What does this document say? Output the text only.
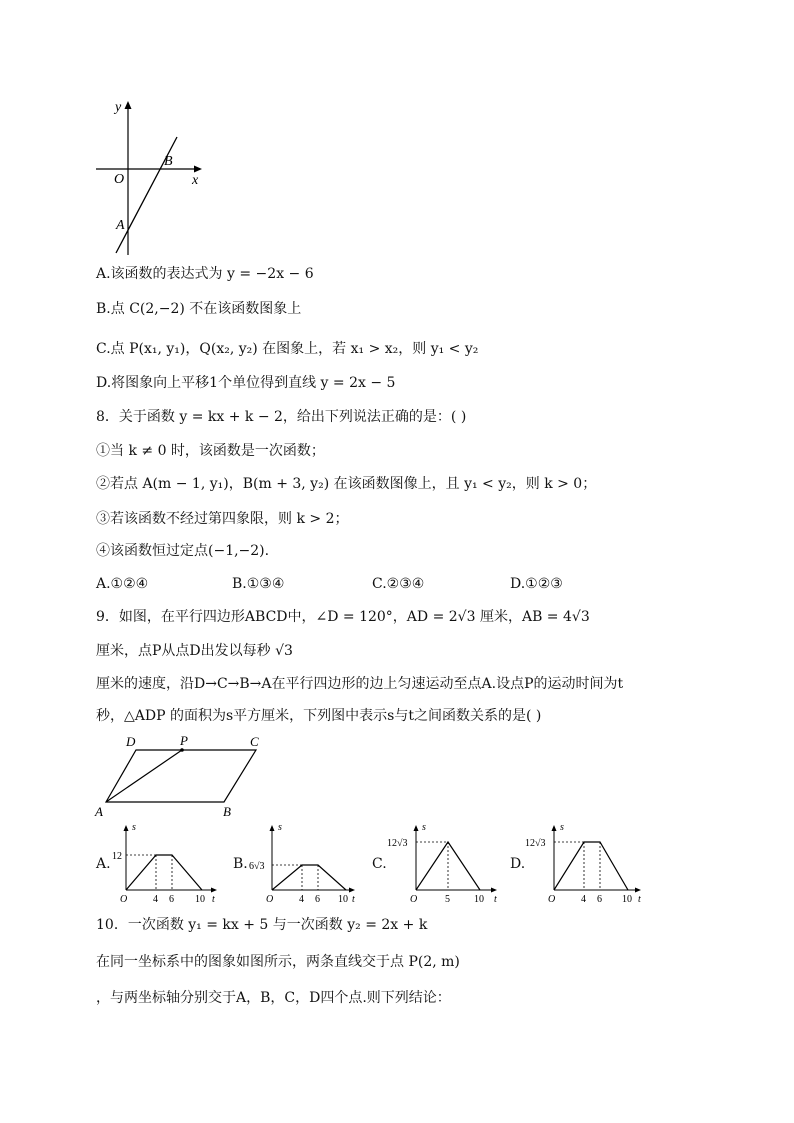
y
x
O
B
A
A.该函数的表达式为 y = −2x − 6
B.点 C(2,−2) 不在该函数图象上
C.点 P(x₁, y₁)，Q(x₂, y₂) 在图象上，若 x₁ > x₂，则 y₁ < y₂
D.将图象向上平移1个单位得到直线 y = 2x − 5
8．关于函数 y = kx + k − 2，给出下列说法正确的是：( )
①当 k ≠ 0 时，该函数是一次函数；
②若点 A(m − 1, y₁)，B(m + 3, y₂) 在该函数图像上，且 y₁ < y₂，则 k > 0；
③若该函数不经过第四象限，则 k > 2；
④该函数恒过定点(−1,−2).
A.①②④	B.①③④	C.②③④	D.①②③
9．如图，在平行四边形ABCD中，∠D = 120°，AD = 2√3 厘米，AB = 4√3
厘米，点P从点D出发以每秒 √3
厘米的速度，沿D→C→B→A在平行四边形的边上匀速运动至点A.设点P的运动时间为t
秒，△ADP 的面积为s平方厘米，下列图中表示s与t之间函数关系的是( )
D	P	C
A	B
A. 12
s
O	4 6 10 t
B. 6√3
s
O	4 6 10 t
C.
12√3
s
O	5 10 t
D.
12√3
s
O	4 6 10 t
10．一次函数 y₁ = kx + 5 与一次函数 y₂ = 2x + k
在同一坐标系中的图象如图所示，两条直线交于点 P(2, m)
，与两坐标轴分别交于A，B，C，D四个点.则下列结论：
